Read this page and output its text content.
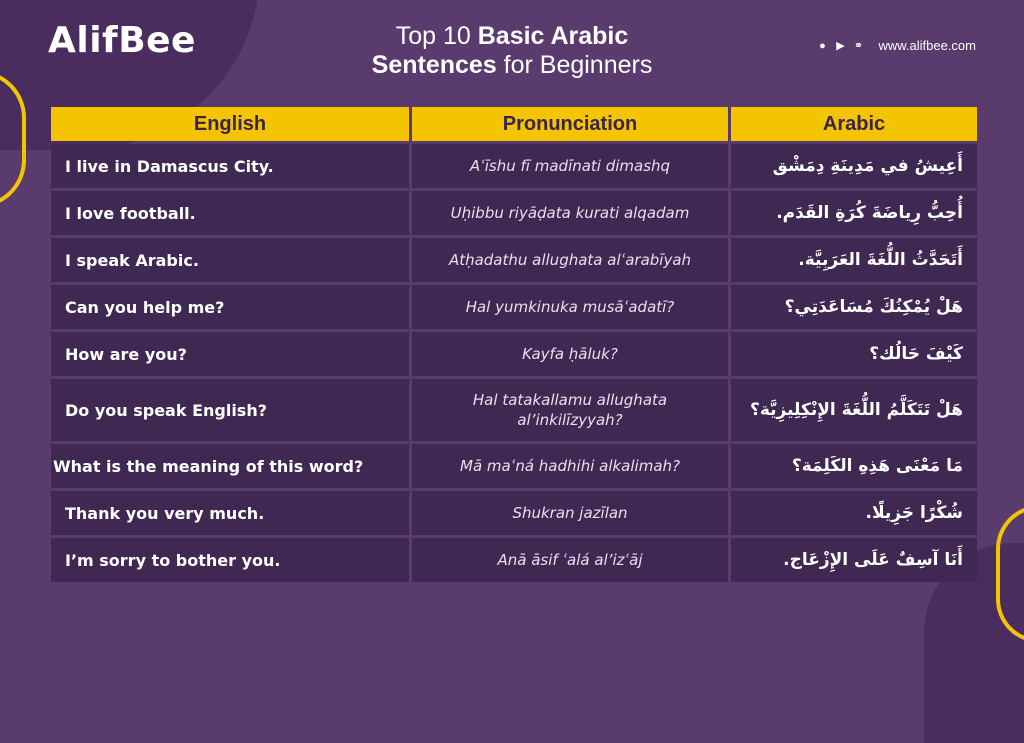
AlifBee	Top 10 Basic Arabic
Sentences for Beginners
● ▶ ⚭ www.alifbee.com
English	Pronunciation	Arabic
I live in Damascus City.	Aʿīshu fī madīnati dimashq	أَعِيشُ في مَدِينَةِ دِمَشْق
I love football.	Uḥibbu riyāḍata kurati alqadam	أُحِبُّ رِياضَةَ كُرَةِ القَدَم.
I speak Arabic.	Atḥadathu allughata alʿarabīyah	أَتَحَدَّثُ اللُّغَةَ العَرَبِيَّة.
Can you help me?	Hal yumkinuka musāʿadatī?	هَلْ يُمْكِنُكَ مُسَاعَدَتِي؟
How are you?	Kayfa ḥāluk?	كَيْفَ حَالُك؟
Do you speak English?	Hal tatakallamu allughata al’inkilīzyyah?	هَلْ تَتَكَلَّمُ اللُّغَةَ الإِنْكِلِيزِيَّة؟
What is the meaning of this word?	Mā maʿná hadhihi alkalimah?	مَا مَعْنَى هَذِهِ الكَلِمَة؟
Thank you very much.	Shukran jazīlan	شُكْرًا جَزِيلًا.
I’m sorry to bother you.	Anā āsif ʿalá al’izʿāj	أَنَا آسِفٌ عَلَى الإِزْعَاج.
